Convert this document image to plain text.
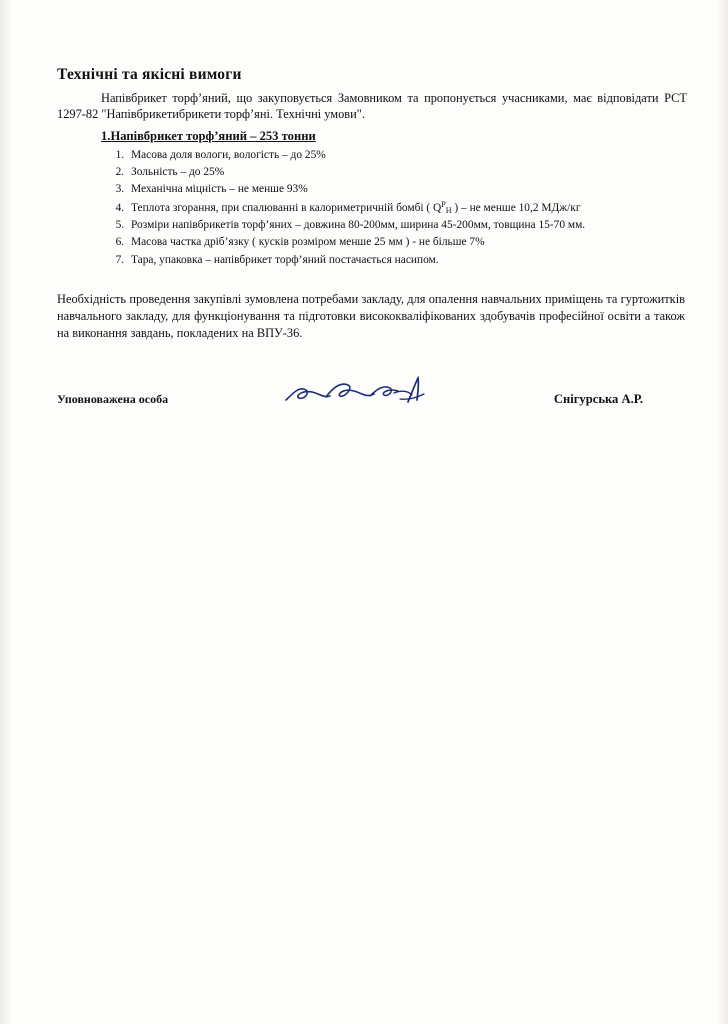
Технічні та якісні вимоги

Напівбрикет торф’яний, що закуповується Замовником та пропонується учасниками, має відповідати РСТ 1297-82 "Напівбрикетибрикети торф’яні. Технічні умови".

1.Напівбрикет торф’яний – 253 тонни
1. Масова доля вологи, вологість – до 25%
2. Зольність – до 25%
3. Механічна міцність – не менше 93%
4. Теплота згорання, при спалюванні в калориметричній бомбі ( $Q^P_Н$ ) – не менше 10,2 МДж/кг
5. Розміри напівбрикетів торф’яних – довжина 80-200мм, ширина 45-200мм, товщина 15-70 мм.
6. Масова частка дріб’язку ( кусків розміром менше 25 мм ) - не більше 7%
7. Тара, упаковка – напівбрикет торф’яний постачається насипом.

Необхідність проведення закупівлі зумовлена потребами закладу, для опалення навчальних приміщень та гуртожитків навчального закладу, для функціонування та підготовки висококваліфікованих здобувачів професійної освіти а також на виконання завдань, покладених на ВПУ-36.

Уповноважена особа	Снігурська А.Р.
